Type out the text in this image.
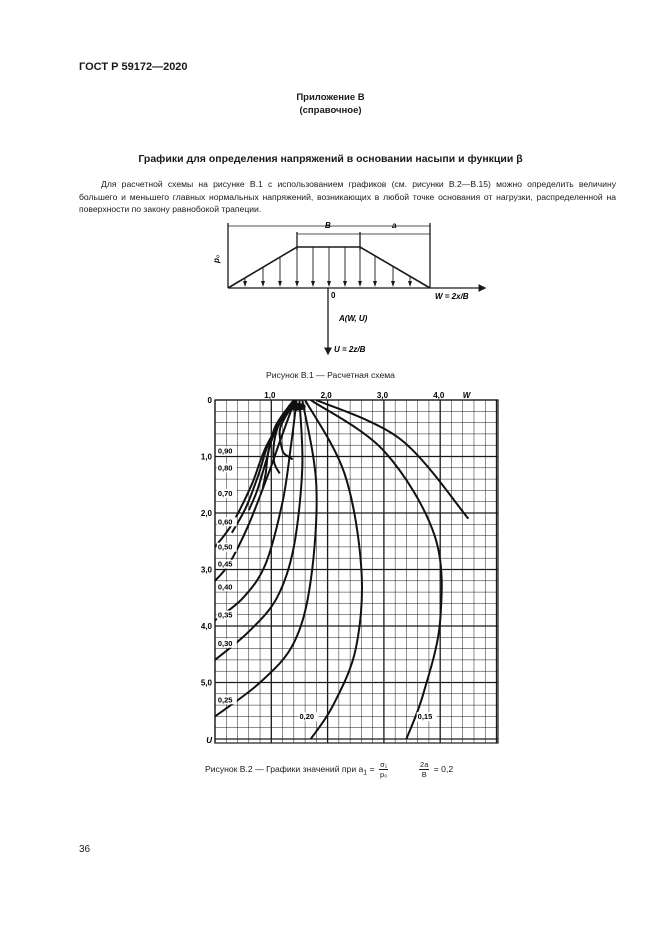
ГОСТ Р 59172—2020
Приложение В
(справочное)
Графики для определения напряжений в основании насыпи и функции β
Для расчетной схемы на рисунке В.1 с использованием графиков (см. рисунки В.2—В.15) можно определить величину большего и меньшего главных нормальных напряжений, возникающих в любой точке основания от нагрузки, распределенной на поверхности по закону равнобокой трапеции.
B	a
p₀
0	W = 2x/B
A(W, U)
U = 2z/B
Рисунок В.1 — Расчетная схема
1,0	2,0	3,0	4,0 W
0
1,0
2,0
3,0
4,0
5,0
U
0,90
0,80
0,70
0,60
0,50
0,45
0,40
0,35
0,30
0,25
0,20	0,15
Рисунок В.2 — Графики значений при $a_1 = \frac{\text{σ₁}}{\text{p₀}}$
	$\frac{2a}{B} = 0,2$
36
